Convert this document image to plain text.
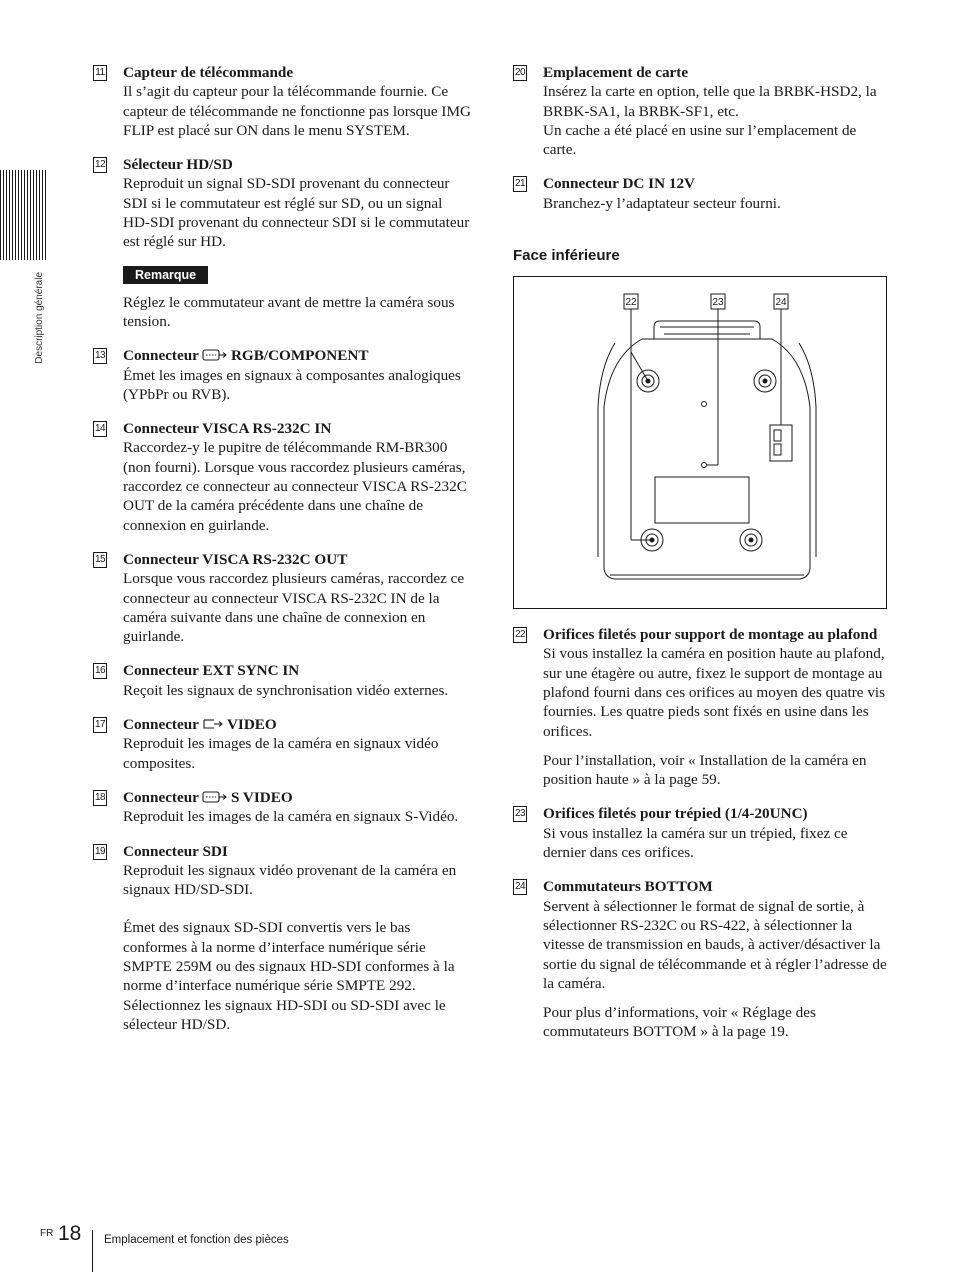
Description générale
11 Capteur de télécommande
Il s’agit du capteur pour la télécommande fournie. Ce capteur de télécommande ne fonctionne pas lorsque IMG FLIP est placé sur ON dans le menu SYSTEM.
12 Sélecteur HD/SD
Reproduit un signal SD-SDI provenant du connecteur SDI si le commutateur est réglé sur SD, ou un signal HD-SDI provenant du connecteur SDI si le commutateur est réglé sur HD.
Remarque
Réglez le commutateur avant de mettre la caméra sous tension.
13 Connecteur RGB/COMPONENT
Émet les images en signaux à composantes analogiques (YPbPr ou RVB).
14 Connecteur VISCA RS-232C IN
Raccordez-y le pupitre de télécommande RM-BR300 (non fourni). Lorsque vous raccordez plusieurs caméras, raccordez ce connecteur au connecteur VISCA RS-232C OUT de la caméra précédente dans une chaîne de connexion en guirlande.
15 Connecteur VISCA RS-232C OUT
Lorsque vous raccordez plusieurs caméras, raccordez ce connecteur au connecteur VISCA RS-232C IN de la caméra suivante dans une chaîne de connexion en guirlande.
16 Connecteur EXT SYNC IN
Reçoit les signaux de synchronisation vidéo externes.
17 Connecteur VIDEO
Reproduit les images de la caméra en signaux vidéo composites.
18 Connecteur S VIDEO
Reproduit les images de la caméra en signaux S-Vidéo.
19 Connecteur SDI
Reproduit les signaux vidéo provenant de la caméra en signaux HD/SD-SDI.
Émet des signaux SD-SDI convertis vers le bas conformes à la norme d’interface numérique série SMPTE 259M ou des signaux HD-SDI conformes à la norme d’interface numérique série SMPTE 292. Sélectionnez les signaux HD-SDI ou SD-SDI avec le sélecteur HD/SD.
20 Emplacement de carte
Insérez la carte en option, telle que la BRBK-HSD2, la BRBK-SA1, la BRBK-SF1, etc.
Un cache a été placé en usine sur l’emplacement de carte.
21 Connecteur DC IN 12V
Branchez-y l’adaptateur secteur fourni.
Face inférieure
22	23	24
22 Orifices filetés pour support de montage au plafond
Si vous installez la caméra en position haute au plafond, sur une étagère ou autre, fixez le support de montage au plafond fourni dans ces orifices au moyen des quatre vis fournies. Les quatre pieds sont fixés en usine dans les orifices.
Pour l’installation, voir « Installation de la caméra en position haute » à la page 59.
23 Orifices filetés pour trépied (1/4-20UNC)
Si vous installez la caméra sur un trépied, fixez ce dernier dans ces orifices.
24 Commutateurs BOTTOM
Servent à sélectionner le format de signal de sortie, à sélectionner RS-232C ou RS-422, à sélectionner la vitesse de transmission en bauds, à activer/désactiver la sortie du signal de télécommande et à régler l’adresse de la caméra.
Pour plus d’informations, voir « Réglage des commutateurs BOTTOM » à la page 19.
FR 18 Emplacement et fonction des pièces
